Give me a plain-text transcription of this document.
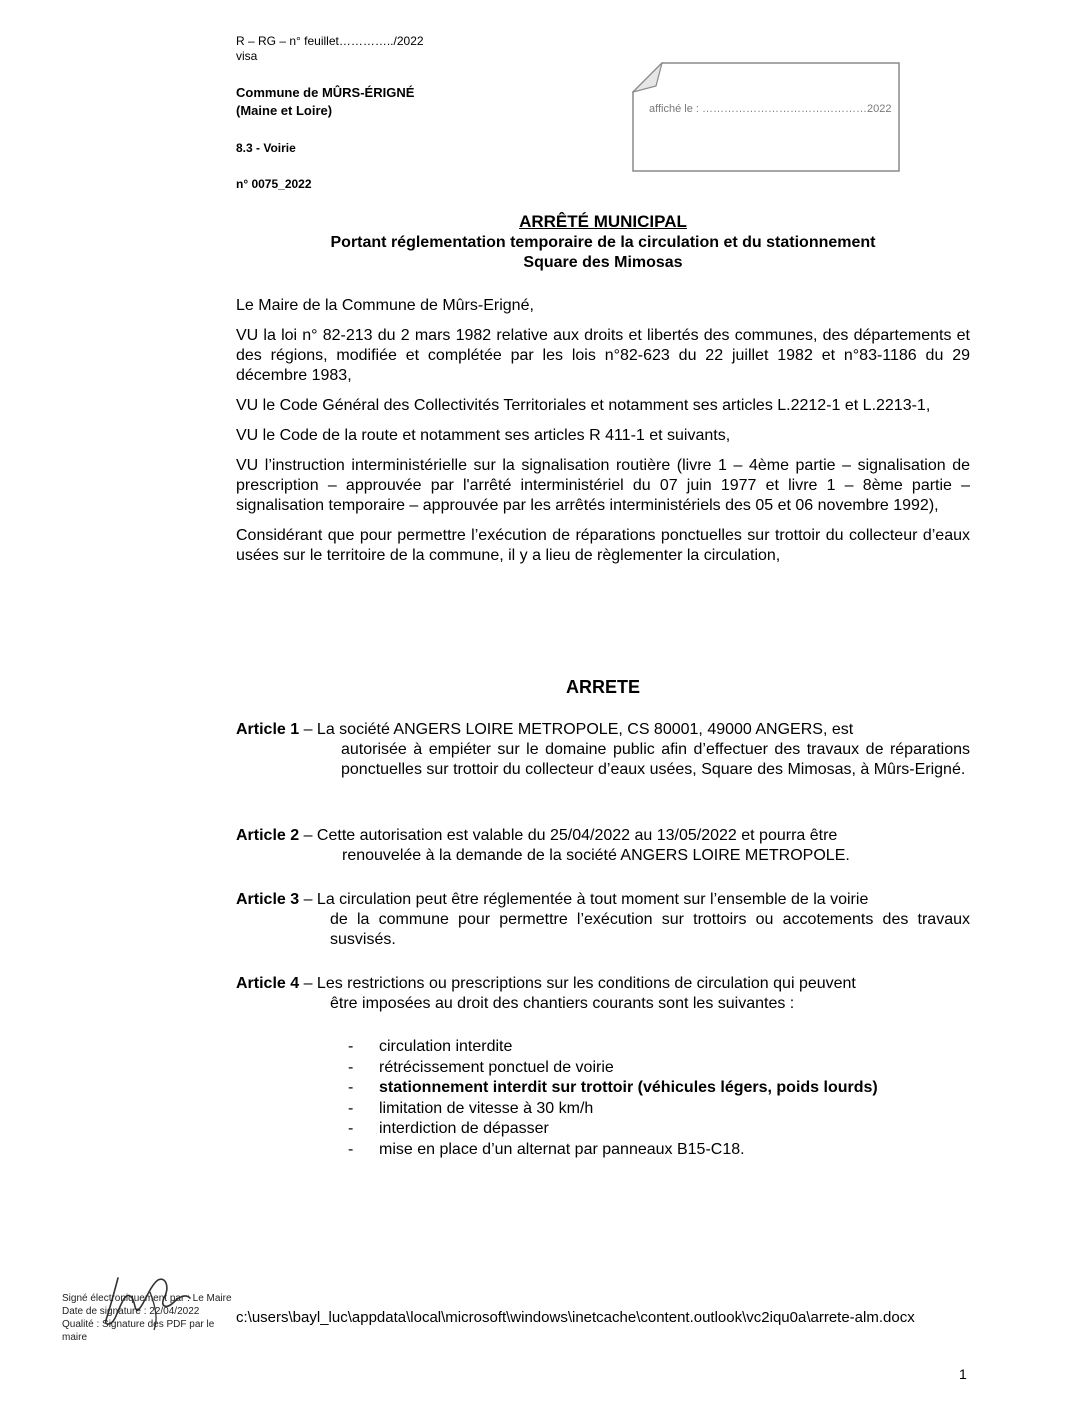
R – RG – n° feuillet…………../2022
visa
Commune de MÛRS-ÉRIGNÉ
(Maine et Loire)
8.3 - Voirie
n° 0075_2022
affiché le : ………………………………………2022
ARRÊTÉ MUNICIPAL
Portant réglementation temporaire de la circulation et du stationnement
Square des Mimosas

Le Maire de la Commune de Mûrs-Erigné,

VU la loi n° 82-213 du 2 mars 1982 relative aux droits et libertés des communes, des départements et des régions, modifiée et complétée par les lois n°82-623 du 22 juillet 1982 et n°83-1186 du 29 décembre 1983,

VU le Code Général des Collectivités Territoriales et notamment ses articles L.2212-1 et L.2213-1,

VU le Code de la route et notamment ses articles R 411-1 et suivants,

VU l’instruction interministérielle sur la signalisation routière (livre 1 – 4ème partie – signalisation de prescription – approuvée par l'arrêté interministériel du 07 juin 1977 et livre 1 – 8ème partie – signalisation temporaire – approuvée par les arrêtés interministériels des 05 et 06 novembre 1992),

Considérant que pour permettre l’exécution de réparations ponctuelles sur trottoir du collecteur d’eaux usées sur le territoire de la commune, il y a lieu de règlementer la circulation,

ARRETE
Article 1 – La société ANGERS LOIRE METROPOLE, CS 80001, 49000 ANGERS, est
autorisée à empiéter sur le domaine public afin d’effectuer des travaux de réparations ponctuelles sur trottoir du collecteur d’eaux usées, Square des Mimosas, à Mûrs-Erigné.
Article 2 – Cette autorisation est valable du 25/04/2022 au 13/05/2022 et pourra être
renouvelée à la demande de la société ANGERS LOIRE METROPOLE.
Article 3 – La circulation peut être réglementée à tout moment sur l’ensemble de la voirie
de la commune pour permettre l’exécution sur trottoirs ou accotements des travaux susvisés.
Article 4 – Les restrictions ou prescriptions sur les conditions de circulation qui peuvent
être imposées au droit des chantiers courants sont les suivantes :
-	circulation interdite
-	rétrécissement ponctuel de voirie
-	stationnement interdit sur trottoir (véhicules légers, poids lourds)
-	limitation de vitesse à 30 km/h
-	interdiction de dépasser
-	mise en place d’un alternat par panneaux B15-C18.
Signé électroniquement par : Le Maire
Date de signature : 22/04/2022
Qualité : Signature des PDF par le maire
c:\users\bayl_luc\appdata\local\microsoft\windows\inetcache\content.outlook\vc2iqu0a\arrete-alm.docx
1
